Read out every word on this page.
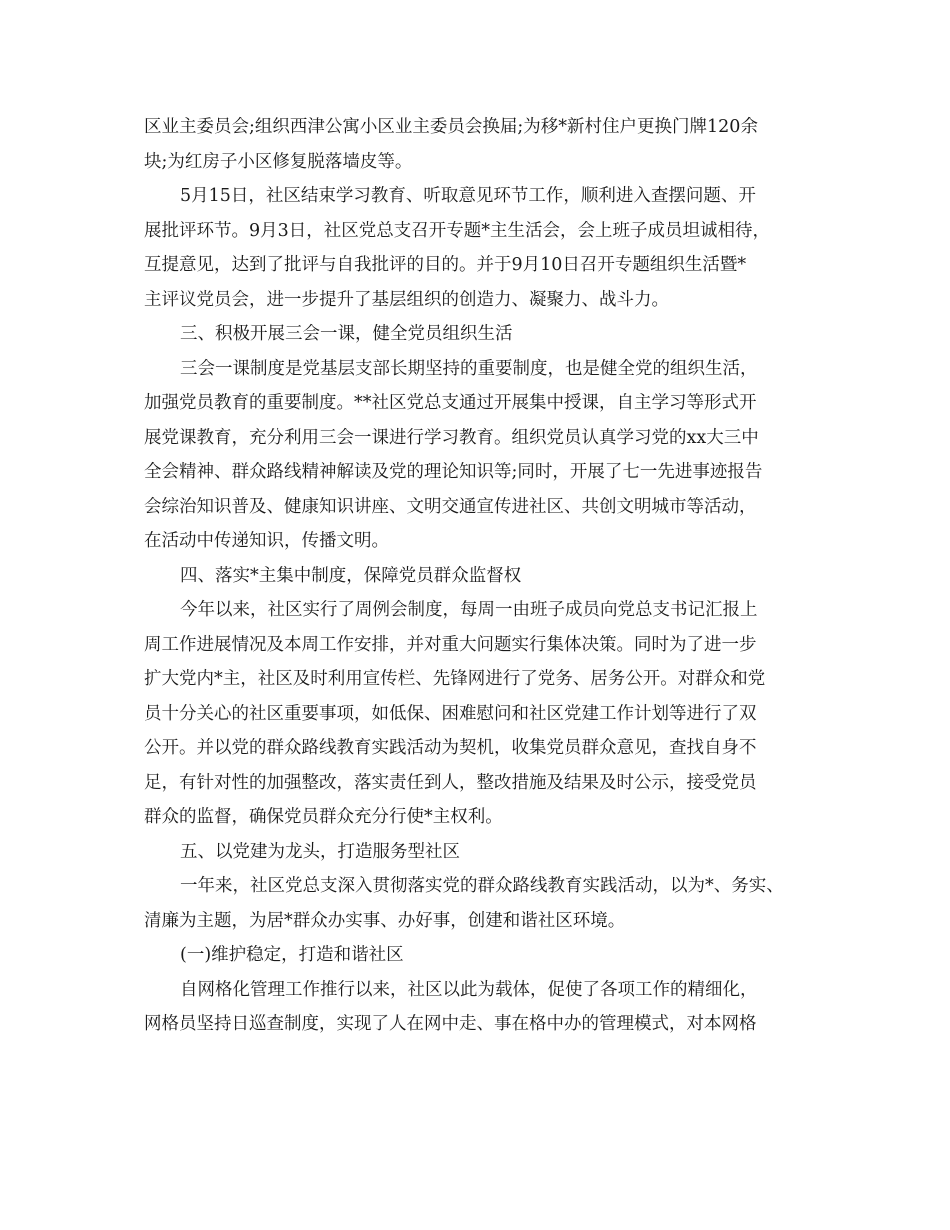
区业主委员会;组织西津公寓小区业主委员会换届;为移*新村住户更换门牌120余
块;为红房子小区修复脱落墙皮等。
5月15日，社区结束学习教育、听取意见环节工作，顺利进入查摆问题、开
展批评环节。9月3日，社区党总支召开专题*主生活会，会上班子成员坦诚相待，
互提意见，达到了批评与自我批评的目的。并于9月10日召开专题组织生活暨*
主评议党员会，进一步提升了基层组织的创造力、凝聚力、战斗力。
三、积极开展三会一课，健全党员组织生活
三会一课制度是党基层支部长期坚持的重要制度，也是健全党的组织生活，
加强党员教育的重要制度。**社区党总支通过开展集中授课，自主学习等形式开
展党课教育，充分利用三会一课进行学习教育。组织党员认真学习党的xx大三中
全会精神、群众路线精神解读及党的理论知识等;同时，开展了七一先进事迹报告
会综治知识普及、健康知识讲座、文明交通宣传进社区、共创文明城市等活动，
在活动中传递知识，传播文明。
四、落实*主集中制度，保障党员群众监督权
今年以来，社区实行了周例会制度，每周一由班子成员向党总支书记汇报上
周工作进展情况及本周工作安排，并对重大问题实行集体决策。同时为了进一步
扩大党内*主，社区及时利用宣传栏、先锋网进行了党务、居务公开。对群众和党
员十分关心的社区重要事项，如低保、困难慰问和社区党建工作计划等进行了双
公开。并以党的群众路线教育实践活动为契机，收集党员群众意见，查找自身不
足，有针对性的加强整改，落实责任到人，整改措施及结果及时公示，接受党员
群众的监督，确保党员群众充分行使*主权利。
五、以党建为龙头，打造服务型社区
一年来，社区党总支深入贯彻落实党的群众路线教育实践活动，以为*、务实、
清廉为主题，为居*群众办实事、办好事，创建和谐社区环境。
(一)维护稳定，打造和谐社区
自网格化管理工作推行以来，社区以此为载体，促使了各项工作的精细化，
网格员坚持日巡查制度，实现了人在网中走、事在格中办的管理模式，对本网格
